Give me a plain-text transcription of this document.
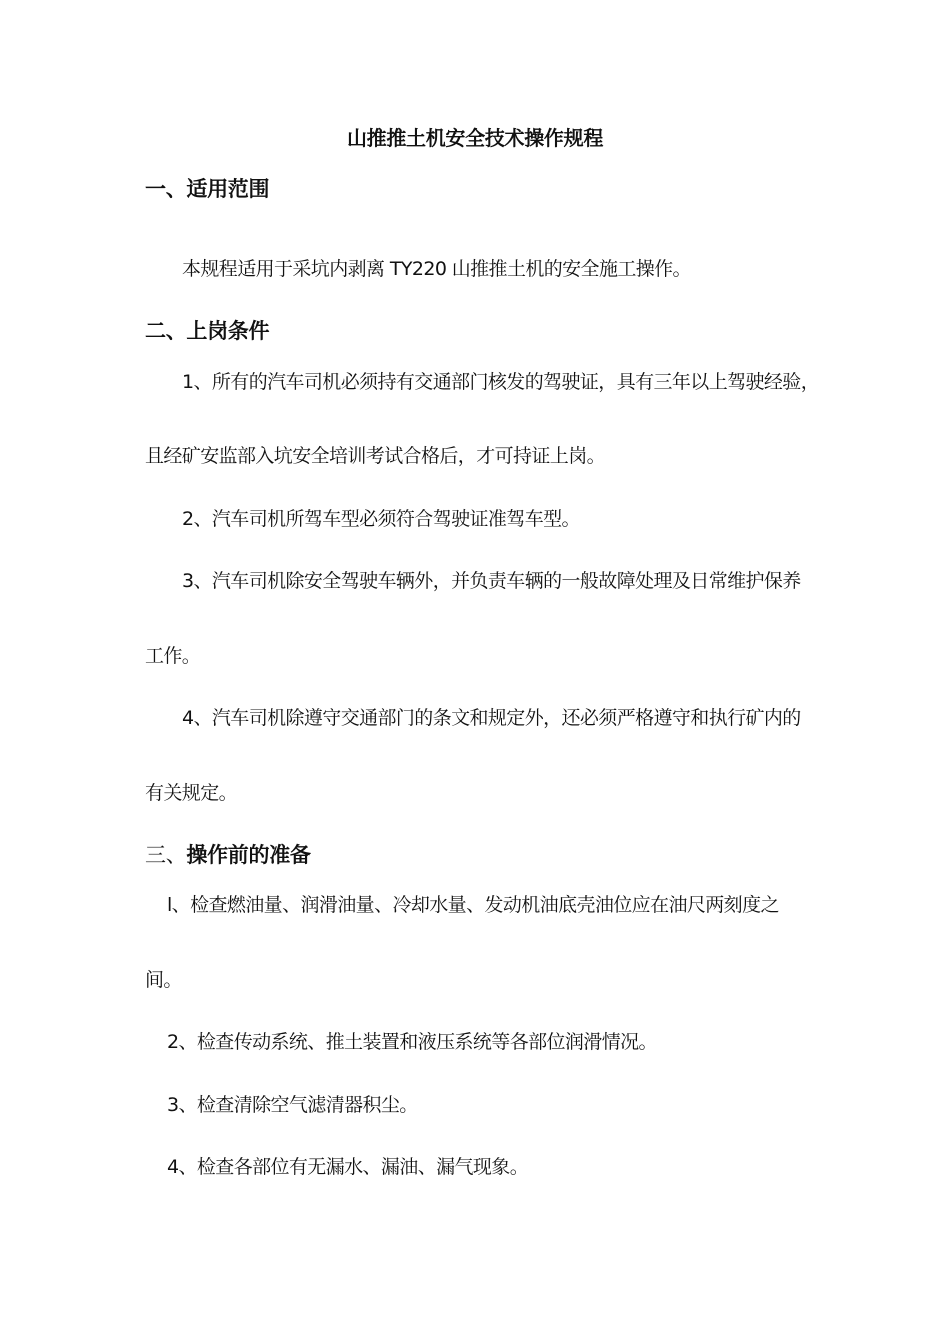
山推推土机安全技术操作规程
一、适用范围
本规程适用于采坑内剥离 TY220 山推推土机的安全施工操作。
二、上岗条件
1、所有的汽车司机必须持有交通部门核发的驾驶证，具有三年以上驾驶经验，
且经矿安监部入坑安全培训考试合格后，才可持证上岗。
2、汽车司机所驾车型必须符合驾驶证准驾车型。
3、汽车司机除安全驾驶车辆外，并负责车辆的一般故障处理及日常维护保养
工作。
4、汽车司机除遵守交通部门的条文和规定外，还必须严格遵守和执行矿内的
有关规定。
三、操作前的准备
l、检查燃油量、润滑油量、冷却水量、发动机油底壳油位应在油尺两刻度之
间。
2、检查传动系统、推土装置和液压系统等各部位润滑情况。
3、检查清除空气滤清器积尘。
4、检查各部位有无漏水、漏油、漏气现象。
